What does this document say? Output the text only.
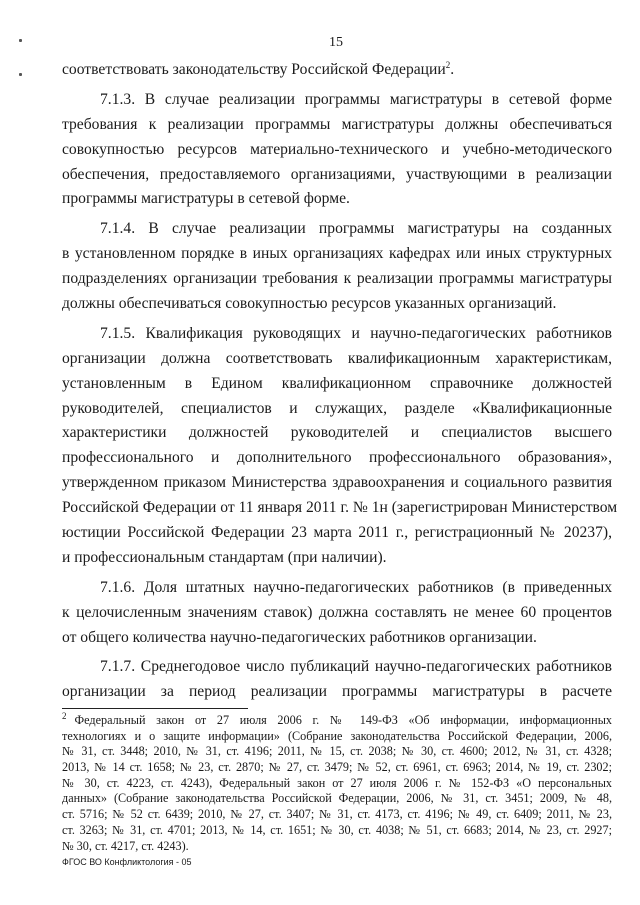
15
соответствовать законодательству Российской Федерации$^2$.
7.1.3. В случае реализации программы магистратуры в сетевой форме
требования к реализации программы магистратуры должны обеспечиваться
совокупностью ресурсов материально-технического и учебно-методического
обеспечения, предоставляемого организациями, участвующими в реализации
программы магистратуры в сетевой форме.
7.1.4. В случае реализации программы магистратуры на созданных
в установленном порядке в иных организациях кафедрах или иных структурных
подразделениях организации требования к реализации программы магистратуры
должны обеспечиваться совокупностью ресурсов указанных организаций.
7.1.5. Квалификация руководящих и научно-педагогических работников
организации должна соответствовать квалификационным характеристикам,
установленным в Едином квалификационном справочнике должностей
руководителей, специалистов и служащих, разделе «Квалификационные
характеристики должностей руководителей и специалистов высшего
профессионального и дополнительного профессионального образования»,
утвержденном приказом Министерства здравоохранения и социального развития
Российской Федерации от 11 января 2011 г. № 1н (зарегистрирован Министерством
юстиции Российской Федерации 23 марта 2011 г., регистрационный № 20237),
и профессиональным стандартам (при наличии).
7.1.6. Доля штатных научно-педагогических работников (в приведенных
к целочисленным значениям ставок) должна составлять не менее 60 процентов
от общего количества научно-педагогических работников организации.
7.1.7. Среднегодовое число публикаций научно-педагогических работников
организации за период реализации программы магистратуры в расчете
$^2$ Федеральный закон от 27 июля 2006 г. № 149-ФЗ «Об информации, информационных
технологиях и о защите информации» (Собрание законодательства Российской Федерации, 2006,
№ 31, ст. 3448; 2010, № 31, ст. 4196; 2011, № 15, ст. 2038; № 30, ст. 4600; 2012, № 31, ст. 4328;
2013, № 14 ст. 1658; № 23, ст. 2870; № 27, ст. 3479; № 52, ст. 6961, ст. 6963; 2014, № 19, ст. 2302;
№ 30, ст. 4223, ст. 4243), Федеральный закон от 27 июля 2006 г. № 152-ФЗ «О персональных
данных» (Собрание законодательства Российской Федерации, 2006, № 31, ст. 3451; 2009, № 48,
ст. 5716; № 52 ст. 6439; 2010, № 27, ст. 3407; № 31, ст. 4173, ст. 4196; № 49, ст. 6409; 2011, № 23,
ст. 3263; № 31, ст. 4701; 2013, № 14, ст. 1651; № 30, ст. 4038; № 51, ст. 6683; 2014, № 23, ст. 2927;
№ 30, ст. 4217, ст. 4243).
ФГОС ВО Конфликтология - 05
